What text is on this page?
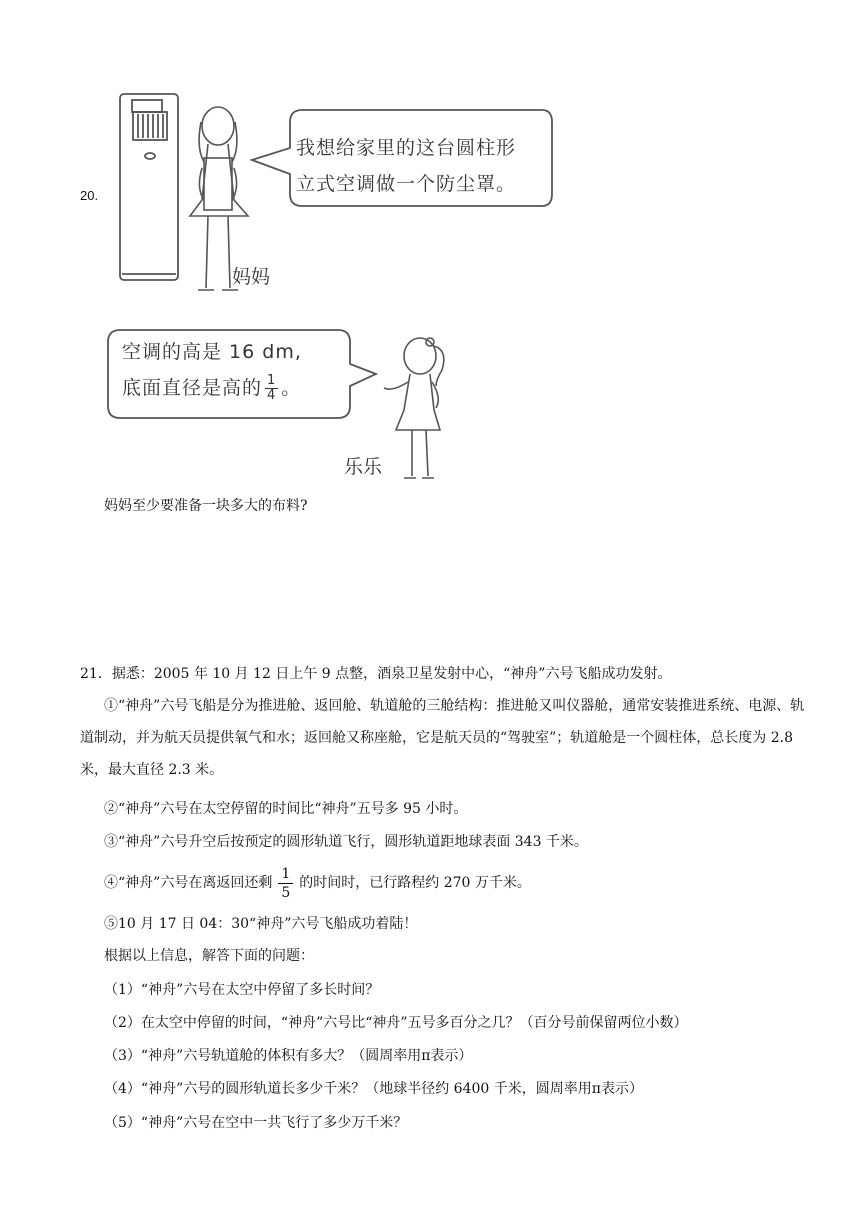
20.
我想给家里的这台圆柱形
立式空调做一个防尘罩。
妈妈
空调的高是 16 dm,
底面直径是高的 $\frac{1}{4}$ 。
乐乐
妈妈至少要准备一块多大的布料?
21．据悉：2005 年 10 月 12 日上午 9 点整，酒泉卫星发射中心，“神舟”六号飞船成功发射。
①“神舟”六号飞船是分为推进舱、返回舱、轨道舱的三舱结构：推进舱又叫仪器舱，通常安装推进系统、电源、轨道制动，并为航天员提供氧气和水；返回舱又称座舱，它是航天员的“驾驶室”；轨道舱是一个圆柱体，总长度为 2.8 米，最大直径 2.3 米。
②“神舟”六号在太空停留的时间比“神舟”五号多 95 小时。
③“神舟”六号升空后按预定的圆形轨道飞行，圆形轨道距地球表面 343 千米。
④“神舟”六号在离返回还剩 $\frac{1}{5}$ 的时间时，已行路程约 270 万千米。
⑤10 月 17 日 04：30“神舟”六号飞船成功着陆！
根据以上信息，解答下面的问题：
（1）“神舟”六号在太空中停留了多长时间？
（2）在太空中停留的时间，“神舟”六号比“神舟”五号多百分之几？（百分号前保留两位小数）
（3）“神舟”六号轨道舱的体积有多大？（圆周率用π表示）
（4）“神舟”六号的圆形轨道长多少千米？（地球半径约 6400 千米，圆周率用π表示）
（5）“神舟”六号在空中一共飞行了多少万千米？
